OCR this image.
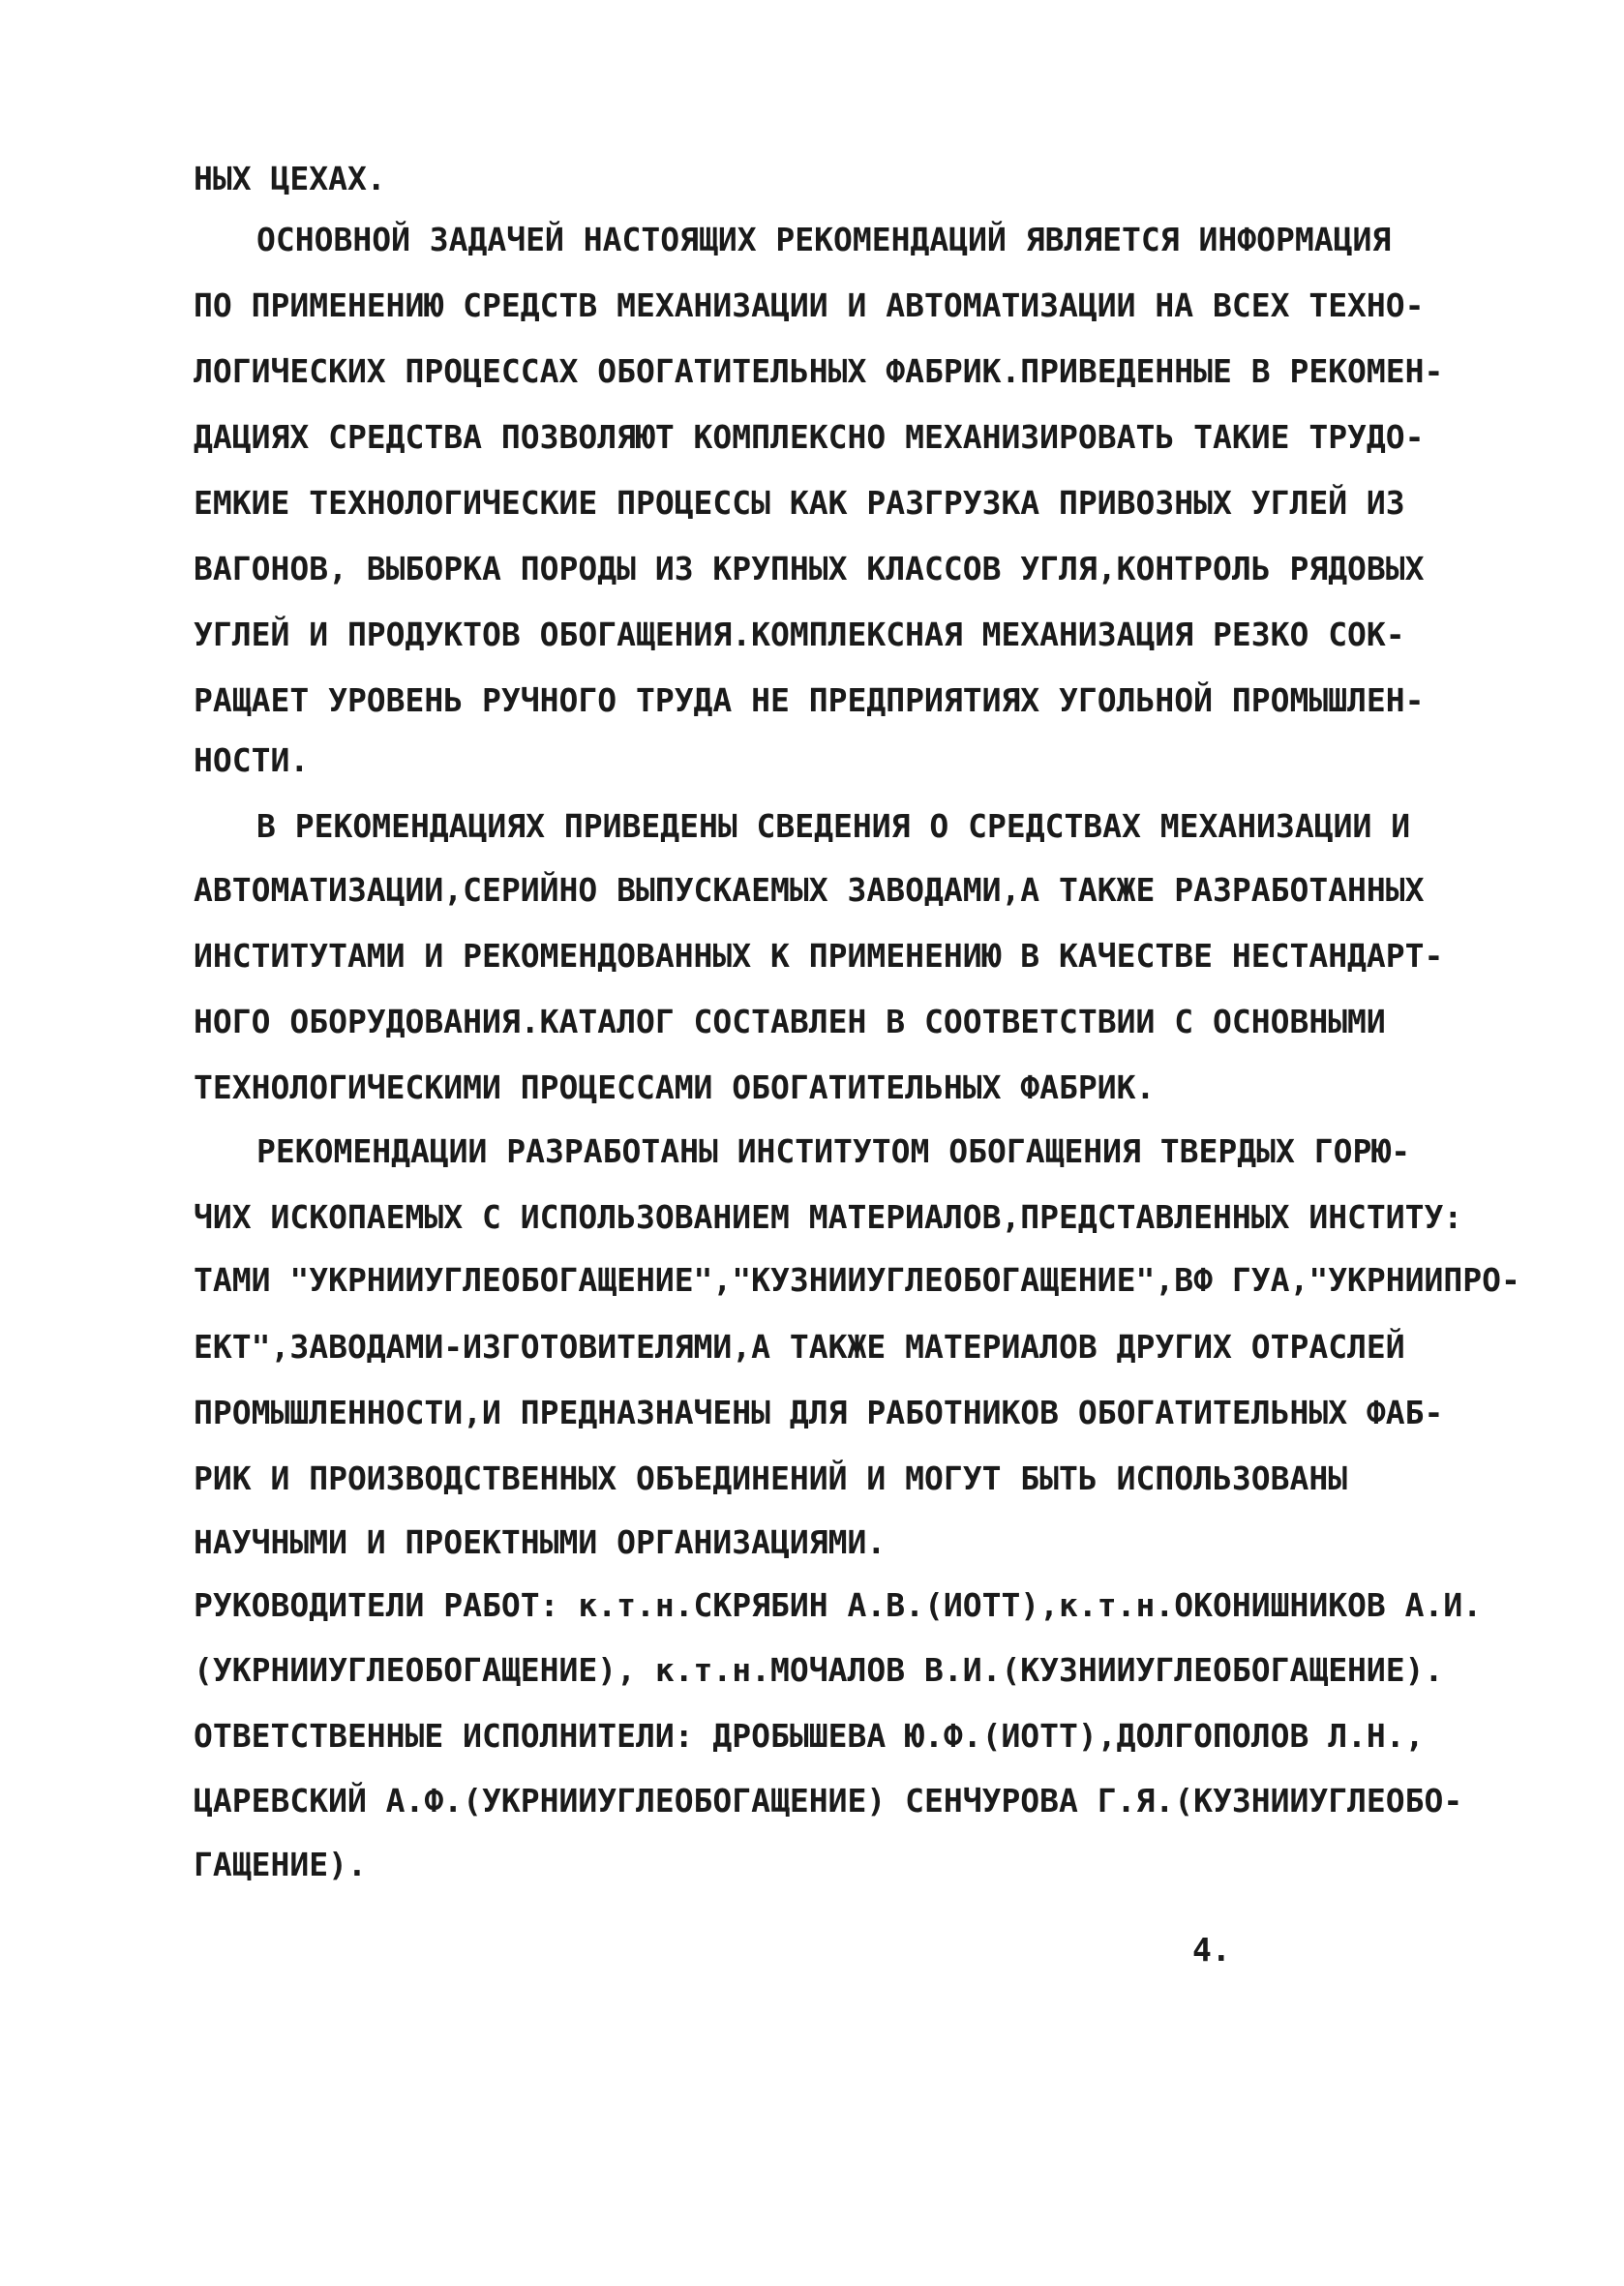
НЫХ ЦЕХАХ.
ОСНОВНОЙ ЗАДАЧЕЙ НАСТОЯЩИХ РЕКОМЕНДАЦИЙ ЯВЛЯЕТСЯ ИНФОРМАЦИЯ
ПО ПРИМЕНЕНИЮ СРЕДСТВ МЕХАНИЗАЦИИ И АВТОМАТИЗАЦИИ НА ВСЕХ ТЕХНО-
ЛОГИЧЕСКИХ ПРОЦЕССАХ ОБОГАТИТЕЛЬНЫХ ФАБРИК.ПРИВЕДЕННЫЕ В РЕКОМЕН-
ДАЦИЯХ СРЕДСТВА ПОЗВОЛЯЮТ КОМПЛЕКСНО МЕХАНИЗИРОВАТЬ ТАКИЕ ТРУДО-
ЕМКИЕ ТЕХНОЛОГИЧЕСКИЕ ПРОЦЕССЫ КАК РАЗГРУЗКА ПРИВОЗНЫХ УГЛЕЙ ИЗ
ВАГОНОВ, ВЫБОРКА ПОРОДЫ ИЗ КРУПНЫХ КЛАССОВ УГЛЯ,КОНТРОЛЬ РЯДОВЫХ
УГЛЕЙ И ПРОДУКТОВ ОБОГАЩЕНИЯ.КОМПЛЕКСНАЯ МЕХАНИЗАЦИЯ РЕЗКО СОК-
РАЩАЕТ УРОВЕНЬ РУЧНОГО ТРУДА НЕ ПРЕДПРИЯТИЯХ УГОЛЬНОЙ ПРОМЫШЛЕН-
НОСТИ.
В РЕКОМЕНДАЦИЯХ ПРИВЕДЕНЫ СВЕДЕНИЯ О СРЕДСТВАХ МЕХАНИЗАЦИИ И
АВТОМАТИЗАЦИИ,СЕРИЙНО ВЫПУСКАЕМЫХ ЗАВОДАМИ,А ТАКЖЕ РАЗРАБОТАННЫХ
ИНСТИТУТАМИ И РЕКОМЕНДОВАННЫХ К ПРИМЕНЕНИЮ В КАЧЕСТВЕ НЕСТАНДАРТ-
НОГО ОБОРУДОВАНИЯ.КАТАЛОГ СОСТАВЛЕН В СООТВЕТСТВИИ С ОСНОВНЫМИ
ТЕХНОЛОГИЧЕСКИМИ ПРОЦЕССАМИ ОБОГАТИТЕЛЬНЫХ ФАБРИК.
РЕКОМЕНДАЦИИ РАЗРАБОТАНЫ ИНСТИТУТОМ ОБОГАЩЕНИЯ ТВЕРДЫХ ГОРЮ-
ЧИХ ИСКОПАЕМЫХ С ИСПОЛЬЗОВАНИЕМ МАТЕРИАЛОВ,ПРЕДСТАВЛЕННЫХ ИНСТИТУ:
ТАМИ "УКРНИИУГЛЕОБОГАЩЕНИЕ","КУЗНИИУГЛЕОБОГАЩЕНИЕ",ВФ ГУА,"УКРНИИПРО-
ЕКТ",ЗАВОДАМИ-ИЗГОТОВИТЕЛЯМИ,А ТАКЖЕ МАТЕРИАЛОВ ДРУГИХ ОТРАСЛЕЙ
ПРОМЫШЛЕННОСТИ,И ПРЕДНАЗНАЧЕНЫ ДЛЯ РАБОТНИКОВ ОБОГАТИТЕЛЬНЫХ ФАБ-
РИК И ПРОИЗВОДСТВЕННЫХ ОБЪЕДИНЕНИЙ И МОГУТ БЫТЬ ИСПОЛЬЗОВАНЫ
НАУЧНЫМИ И ПРОЕКТНЫМИ ОРГАНИЗАЦИЯМИ.
РУКОВОДИТЕЛИ РАБОТ: к.т.н.СКРЯБИН А.В.(ИОТТ),к.т.н.ОКОНИШНИКОВ А.И.
(УКРНИИУГЛЕОБОГАЩЕНИЕ), к.т.н.МОЧАЛОВ В.И.(КУЗНИИУГЛЕОБОГАЩЕНИЕ).
ОТВЕТСТВЕННЫЕ ИСПОЛНИТЕЛИ: ДРОБЫШЕВА Ю.Ф.(ИОТТ),ДОЛГОПОЛОВ Л.Н.,
ЦАРЕВСКИЙ А.Ф.(УКРНИИУГЛЕОБОГАЩЕНИЕ) СЕНЧУРОВА Г.Я.(КУЗНИИУГЛЕОБО-
ГАЩЕНИЕ).
4.
